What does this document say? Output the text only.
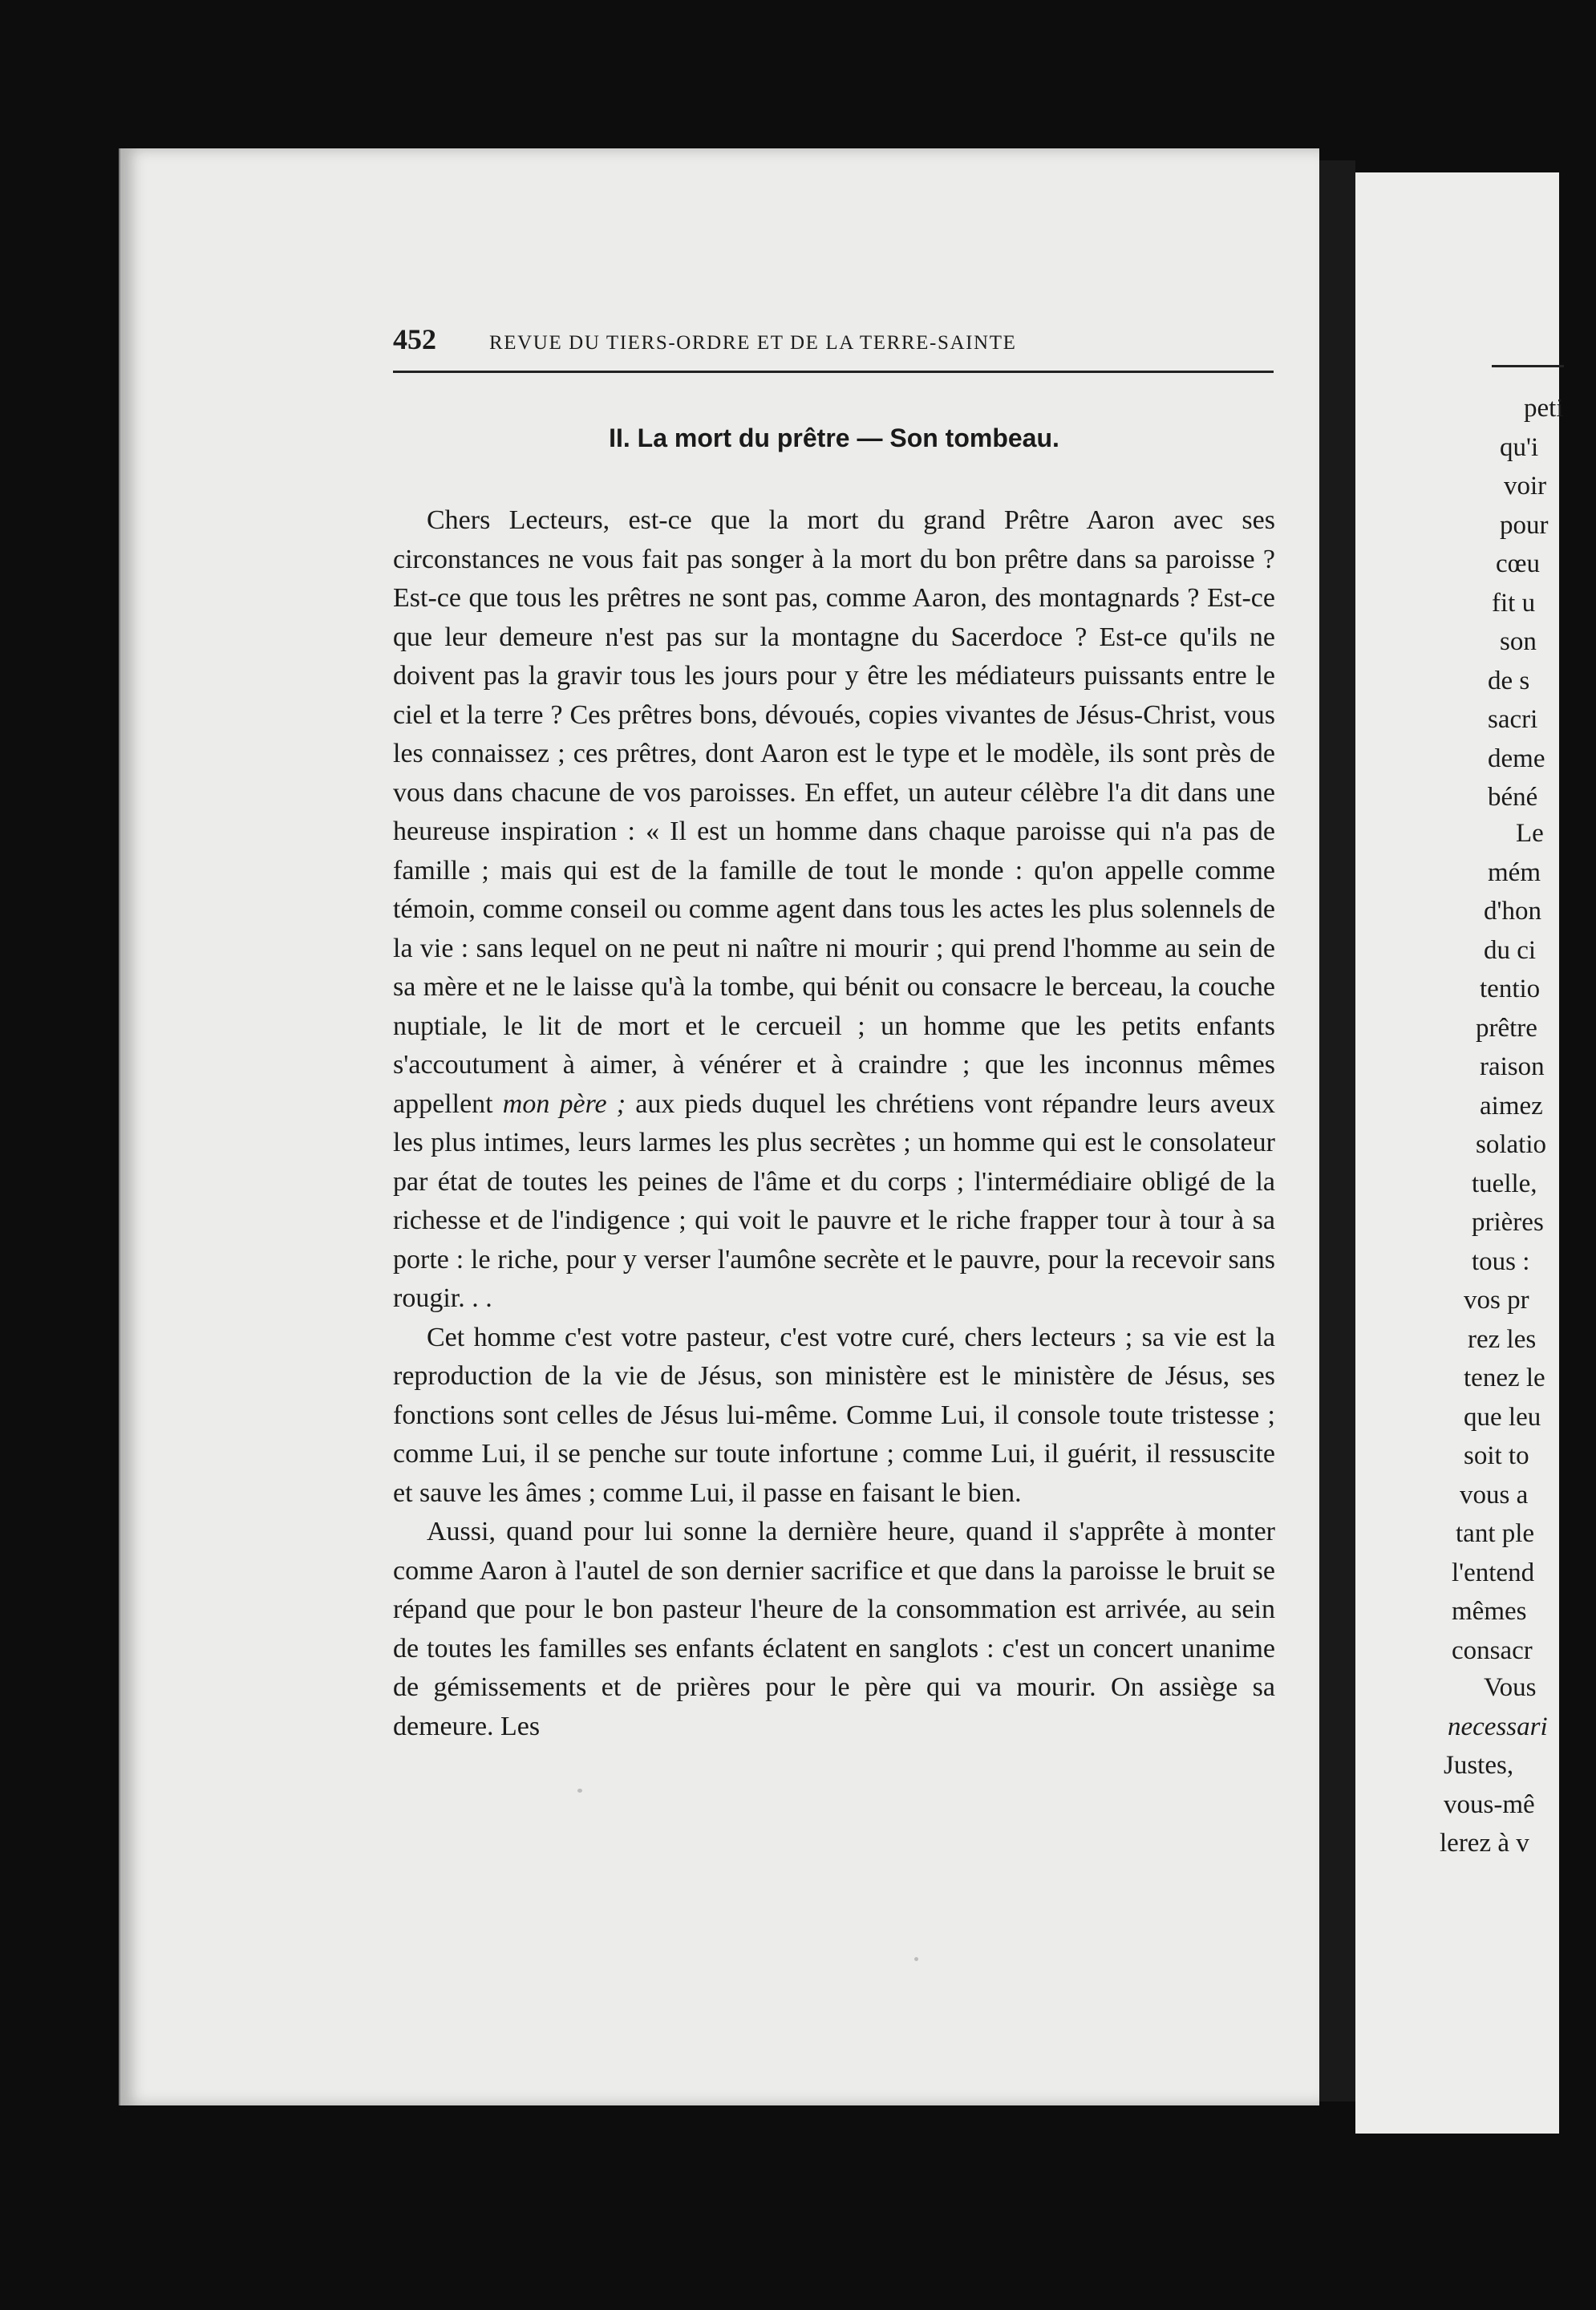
452	REVUE DU TIERS-ORDRE ET DE LA TERRE-SAINTE
II. La mort du prêtre — Son tombeau.

Chers Lecteurs, est-ce que la mort du grand Prêtre Aaron avec ses circonstances ne vous fait pas songer à la mort du bon prêtre dans sa paroisse ? Est-ce que tous les prêtres ne sont pas, comme Aaron, des montagnards ? Est-ce que leur demeure n'est pas sur la montagne du Sacerdoce ? Est-ce qu'ils ne doivent pas la gravir tous les jours pour y être les médiateurs puissants entre le ciel et la terre ? Ces prêtres bons, dévoués, copies vivantes de Jésus-Christ, vous les connaissez ; ces prêtres, dont Aaron est le type et le modèle, ils sont près de vous dans chacune de vos paroisses. En effet, un auteur célèbre l'a dit dans une heureuse inspiration : « Il est un homme dans chaque paroisse qui n'a pas de famille ; mais qui est de la famille de tout le monde : qu'on appelle comme témoin, comme conseil ou comme agent dans tous les actes les plus solennels de la vie : sans lequel on ne peut ni naître ni mourir ; qui prend l'homme au sein de sa mère et ne le laisse qu'à la tombe, qui bénit ou consacre le berceau, la couche nuptiale, le lit de mort et le cercueil ; un homme que les petits enfants s'accoutument à aimer, à vénérer et à craindre ; que les inconnus mêmes appellent mon père ; aux pieds duquel les chrétiens vont répandre leurs aveux les plus intimes, leurs larmes les plus secrètes ; un homme qui est le consolateur par état de toutes les peines de l'âme et du corps ; l'intermédiaire obligé de la richesse et de l'indigence ; qui voit le pauvre et le riche frapper tour à tour à sa porte : le riche, pour y verser l'aumône secrète et le pauvre, pour la recevoir sans rougir. . .

Cet homme c'est votre pasteur, c'est votre curé, chers lecteurs ; sa vie est la reproduction de la vie de Jésus, son ministère est le ministère de Jésus, ses fonctions sont celles de Jésus lui-même. Comme Lui, il console toute tristesse ; comme Lui, il se penche sur toute infortune ; comme Lui, il guérit, il ressuscite et sauve les âmes ; comme Lui, il passe en faisant le bien.

Aussi, quand pour lui sonne la dernière heure, quand il s'apprête à monter comme Aaron à l'autel de son dernier sacrifice et que dans la paroisse le bruit se répand que pour le bon pasteur l'heure de la consommation est arrivée, au sein de toutes les familles ses enfants éclatent en sanglots : c'est un concert unanime de gémissements et de prières pour le père qui va mourir. On assiège sa demeure. Les

peti
qu'i
voir
pour
cœu
fit u
son
de s
sacri
deme
béné
Le
mém
d'hon
du ci
tentio
prêtre
raison
aimez
solatio
tuelle,
prières
tous :
vos pr
rez les
tenez le
que leu
soit to
vous a
tant ple
l'entend
mêmes
consacr
Vous
necessari
Justes,
vous-mê
lerez à v
